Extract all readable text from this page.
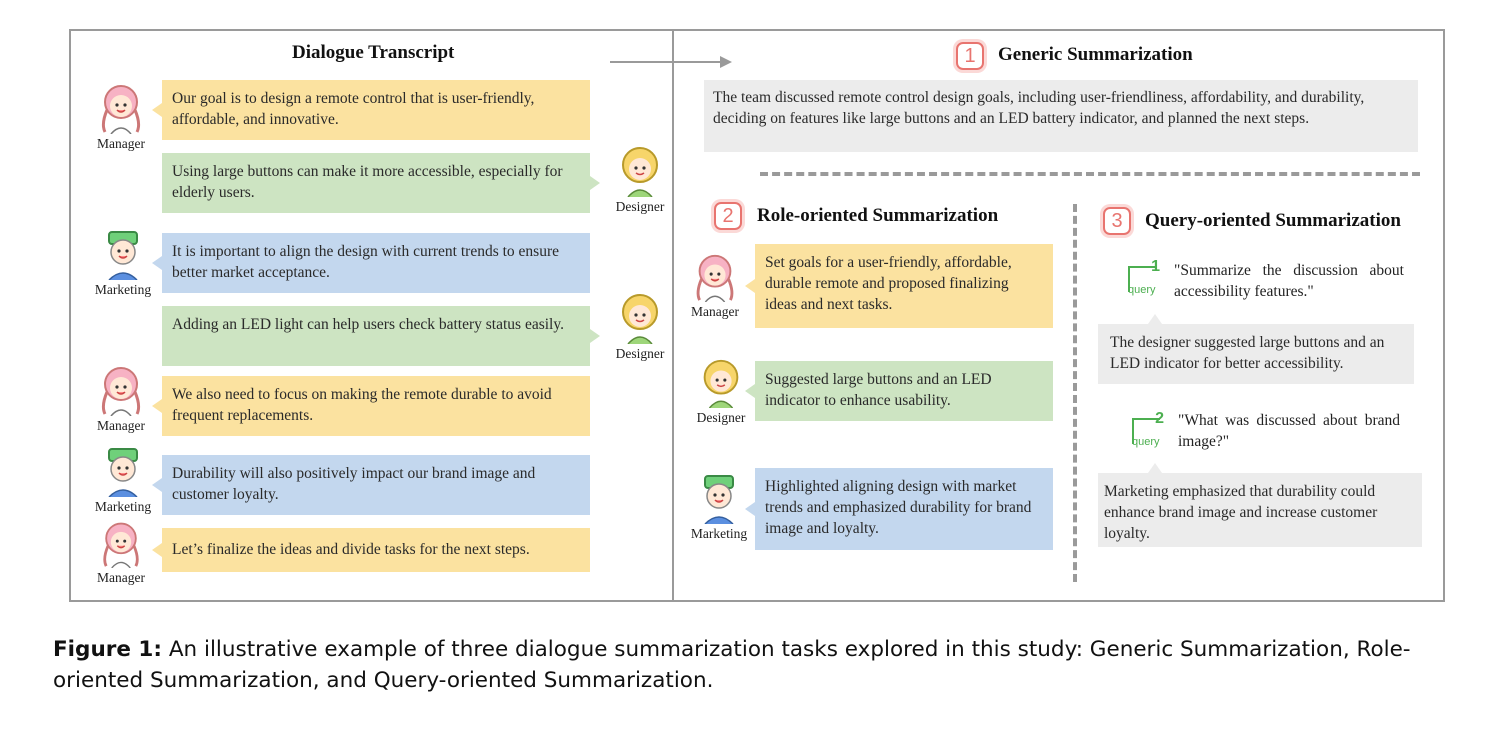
Dialogue Transcript
Our goal is to design a remote control that is user-friendly, affordable, and innovative.
Using large buttons can make it more accessible, especially for elderly users.
It is important to align the design with current trends to ensure better market acceptance.
Adding an LED light can help users check battery status easily.
We also need to focus on making the remote durable to avoid frequent replacements.
Durability will also positively impact our brand image and customer loyalty.
Let’s finalize the ideas and divide tasks for the next steps.
Manager
Designer
Marketing
Designer
Manager
Marketing
Manager
1	Generic Summarization
The team discussed remote control design goals, including user-friendliness, affordability, and durability, deciding on features like large buttons and an LED battery indicator, and planned the next steps.
2	Role-oriented Summarization
Manager
Set goals for a user-friendly, affordable, durable remote and proposed finalizing ideas and next tasks.
Designer
Suggested large buttons and an LED indicator to enhance usability.
Marketing
Highlighted aligning design with market trends and emphasized durability for brand image and loyalty.
3	Query-oriented Summarization
1
query
"Summarize the discussion about accessibility features."
The designer suggested large buttons and an LED indicator for better accessibility.
2
query
"What was discussed about brand image?"
Marketing emphasized that durability could enhance brand image and increase customer loyalty.
Figure 1: An illustrative example of three dialogue summarization tasks explored in this study: Generic Summarization, Role-oriented Summarization, and Query-oriented Summarization.
